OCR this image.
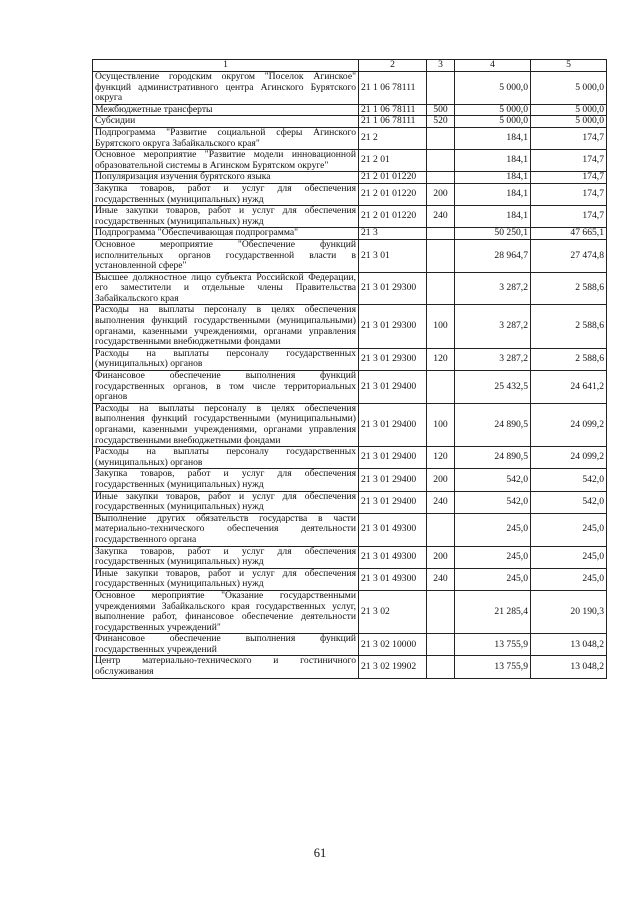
1	2	3	4	5
Осуществление городским округом "Поселок Агинское" функций административного центра Агинского Бурятского округа	21 1 06 78111		5 000,0	5 000,0
Межбюджетные трансферты	21 1 06 78111	500	5 000,0	5 000,0
Субсидии	21 1 06 78111	520	5 000,0	5 000,0
Подпрограмма "Развитие социальной сферы Агинского Бурятского округа Забайкальского края"	21 2		184,1	174,7
Основное мероприятие "Развитие модели инновационной образовательной системы в Агинском Бурятском округе"	21 2 01		184,1	174,7
Популяризация изучения бурятского языка	21 2 01 01220		184,1	174,7
Закупка товаров, работ и услуг для обеспечения государственных (муниципальных) нужд	21 2 01 01220	200	184,1	174,7
Иные закупки товаров, работ и услуг для обеспечения государственных (муниципальных) нужд	21 2 01 01220	240	184,1	174,7
Подпрограмма "Обеспечивающая подпрограмма"	21 3		50 250,1	47 665,1
Основное мероприятие "Обеспечение функций исполнительных органов государственной власти в установленной сфере"	21 3 01		28 964,7	27 474,8
Высшее должностное лицо субъекта Российской Федерации, его заместители и отдельные члены Правительства Забайкальского края	21 3 01 29300		3 287,2	2 588,6
Расходы на выплаты персоналу в целях обеспечения выполнения функций государственными (муниципальными) органами, казенными учреждениями, органами управления государственными внебюджетными фондами	21 3 01 29300	100	3 287,2	2 588,6
Расходы на выплаты персоналу государственных (муниципальных) органов	21 3 01 29300	120	3 287,2	2 588,6
Финансовое обеспечение выполнения функций государственных органов, в том числе территориальных органов	21 3 01 29400		25 432,5	24 641,2
Расходы на выплаты персоналу в целях обеспечения выполнения функций государственными (муниципальными) органами, казенными учреждениями, органами управления государственными внебюджетными фондами	21 3 01 29400	100	24 890,5	24 099,2
Расходы на выплаты персоналу государственных (муниципальных) органов	21 3 01 29400	120	24 890,5	24 099,2
Закупка товаров, работ и услуг для обеспечения государственных (муниципальных) нужд	21 3 01 29400	200	542,0	542,0
Иные закупки товаров, работ и услуг для обеспечения государственных (муниципальных) нужд	21 3 01 29400	240	542,0	542,0
Выполнение других обязательств государства в части материально-технического обеспечения деятельности государственного органа	21 3 01 49300		245,0	245,0
Закупка товаров, работ и услуг для обеспечения государственных (муниципальных) нужд	21 3 01 49300	200	245,0	245,0
Иные закупки товаров, работ и услуг для обеспечения государственных (муниципальных) нужд	21 3 01 49300	240	245,0	245,0
Основное мероприятие "Оказание государственными учреждениями Забайкальского края государственных услуг, выполнение работ, финансовое обеспечение деятельности государственных учреждений"	21 3 02		21 285,4	20 190,3
Финансовое обеспечение выполнения функций государственных учреждений	21 3 02 10000		13 755,9	13 048,2
Центр материально-технического и гостиничного обслуживания	21 3 02 19902		13 755,9	13 048,2
61
